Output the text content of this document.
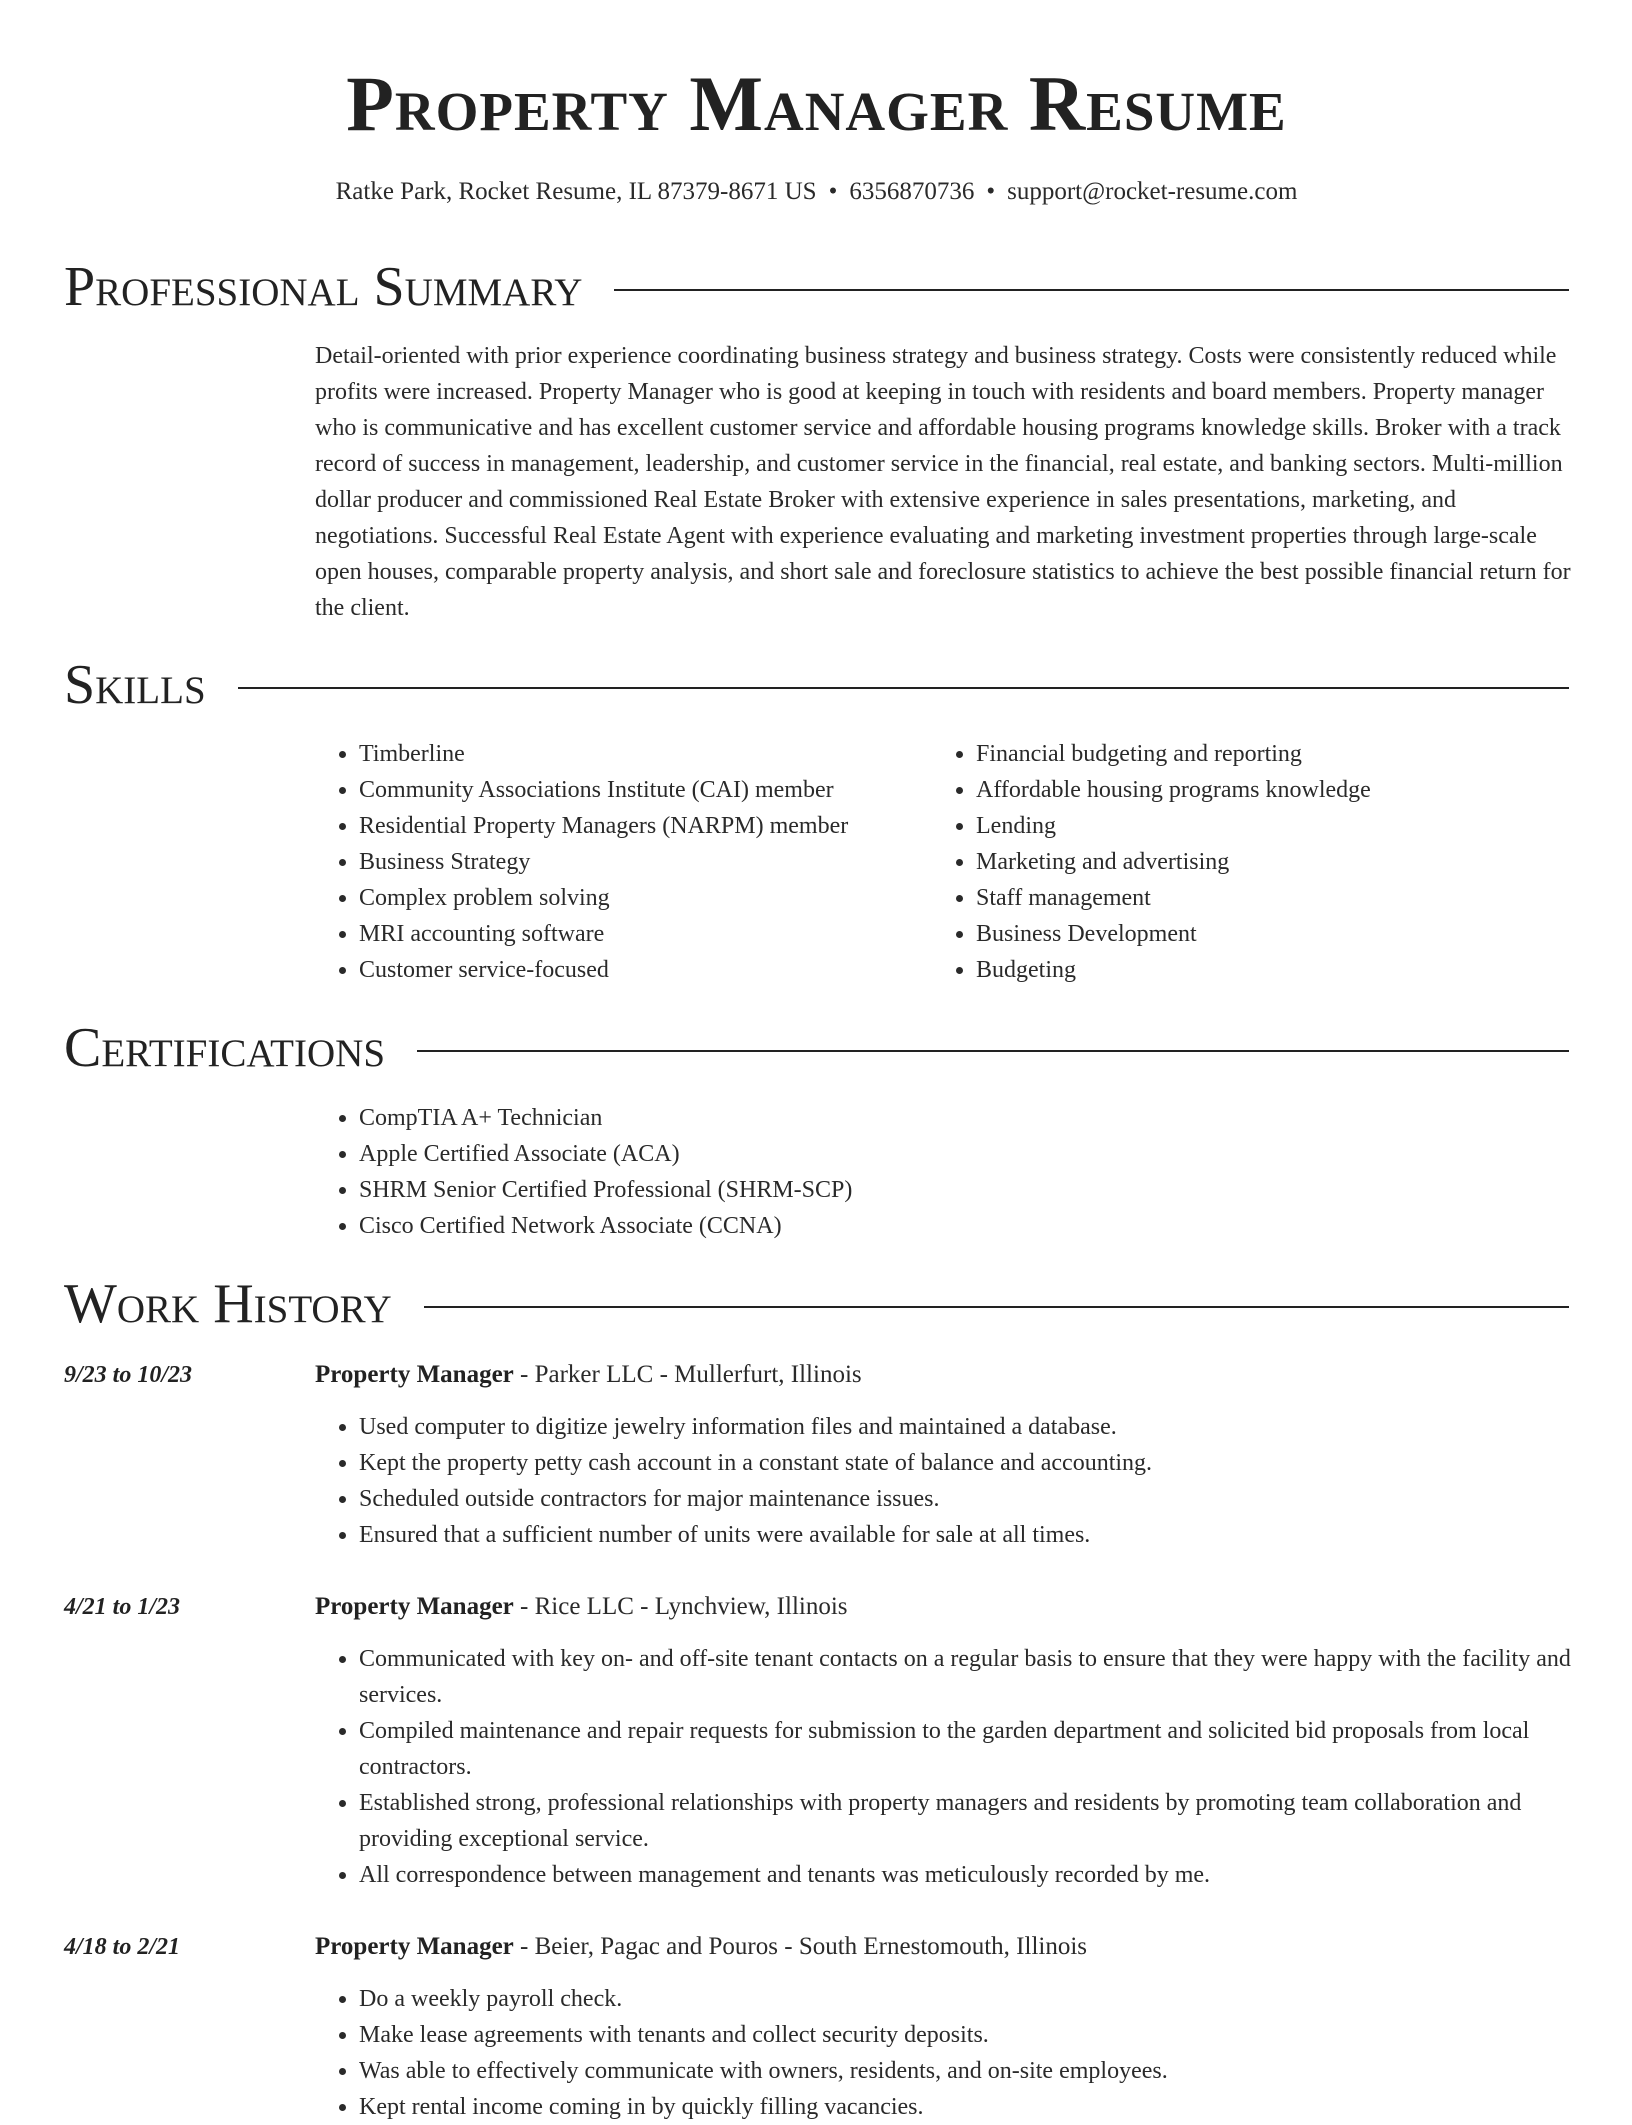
Property Manager Resume
Ratke Park, Rocket Resume, IL 87379-8671 US • 6356870736 • support@rocket-resume.com
Professional Summary

Detail-oriented with prior experience coordinating business strategy and business strategy. Costs were consistently reduced while profits were increased. Property Manager who is good at keeping in touch with residents and board members. Property manager who is communicative and has excellent customer service and affordable housing programs knowledge skills. Broker with a track record of success in management, leadership, and customer service in the financial, real estate, and banking sectors. Multi-million dollar producer and commissioned Real Estate Broker with extensive experience in sales presentations, marketing, and negotiations. Successful Real Estate Agent with experience evaluating and marketing investment properties through large-scale open houses, comparable property analysis, and short sale and foreclosure statistics to achieve the best possible financial return for the client.

Skills
• Timberline
• Community Associations Institute (CAI) member
• Residential Property Managers (NARPM) member
• Business Strategy
• Complex problem solving
• MRI accounting software
• Customer service-focused
• Financial budgeting and reporting
• Affordable housing programs knowledge
• Lending
• Marketing and advertising
• Staff management
• Business Development
• Budgeting
Certifications
• CompTIA A+ Technician
• Apple Certified Associate (ACA)
• SHRM Senior Certified Professional (SHRM-SCP)
• Cisco Certified Network Associate (CCNA)
Work History
9/23 to 10/23	Property Manager - Parker LLC - Mullerfurt, Illinois
• Used computer to digitize jewelry information files and maintained a database.
• Kept the property petty cash account in a constant state of balance and accounting.
• Scheduled outside contractors for major maintenance issues.
• Ensured that a sufficient number of units were available for sale at all times.
4/21 to 1/23	Property Manager - Rice LLC - Lynchview, Illinois
• Communicated with key on- and off-site tenant contacts on a regular basis to ensure that they were happy with the facility and services.
• Compiled maintenance and repair requests for submission to the garden department and solicited bid proposals from local contractors.
• Established strong, professional relationships with property managers and residents by promoting team collaboration and providing exceptional service.
• All correspondence between management and tenants was meticulously recorded by me.
4/18 to 2/21	Property Manager - Beier, Pagac and Pouros - South Ernestomouth, Illinois
• Do a weekly payroll check.
• Make lease agreements with tenants and collect security deposits.
• Was able to effectively communicate with owners, residents, and on-site employees.
• Kept rental income coming in by quickly filling vacancies.
